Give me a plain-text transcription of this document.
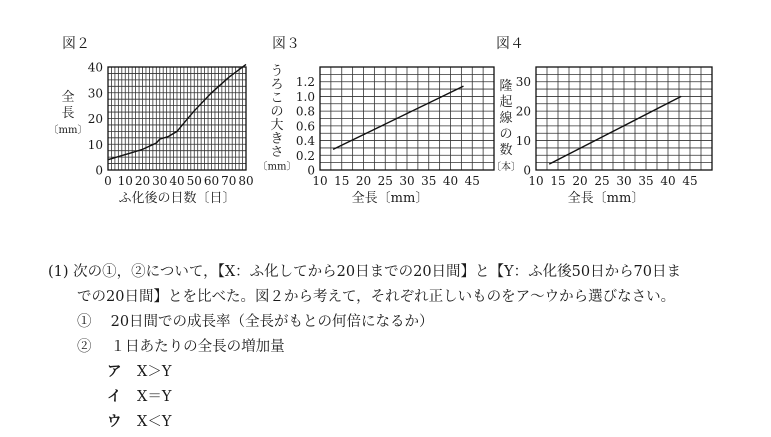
図２
0 10 20 30 40 50 60 70 80
0
10
20
30
40
ふ化後の日数〔日〕
全長〔mm〕
図３
10 15 20 25 30 35 40 45
0
0.2
0.4
0.6
0.8
1.0
1.2
全長〔mm〕
うろこの大きさ〔mm〕
図４
10 15 20 25 30 35 40 45
0
10
20
30
全長〔mm〕
隆起線の数〔本〕
(1) 次の①，②について，【X：ふ化してから20日までの20日間】と【Y：ふ化後50日から70日ま
での20日間】とを比べた。図２から考えて，それぞれ正しいものをア～ウから選びなさい。
①　 20日間での成長率（全長がもとの何倍になるか）
②　 １日あたりの全長の増加量
ア X＞Y
イ X＝Y
ウ X＜Y
